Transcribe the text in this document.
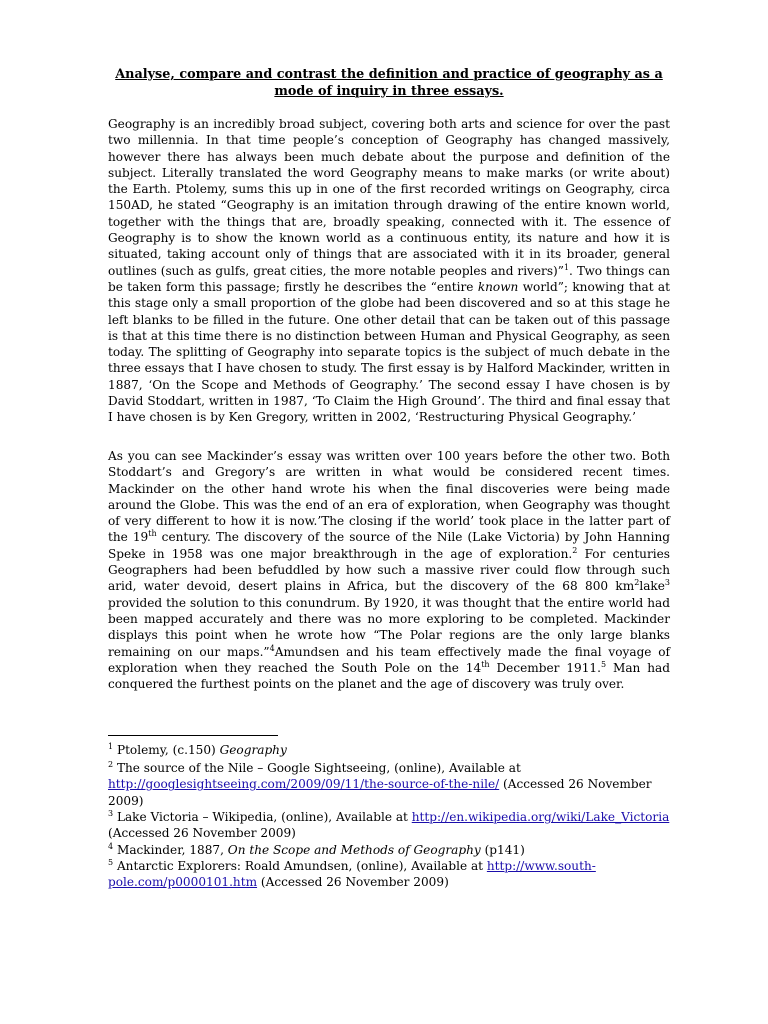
Analyse, compare and contrast the definition and practice of geography as a mode of inquiry in three essays.

Geography is an incredibly broad subject, covering both arts and science for over the past two millennia. In that time people’s conception of Geography has changed massively, however there has always been much debate about the purpose and definition of the subject. Literally translated the word Geography means to make marks (or write about) the Earth. Ptolemy, sums this up in one of the first recorded writings on Geography, circa 150AD, he stated “Geography is an imitation through drawing of the entire known world, together with the things that are, broadly speaking, connected with it. The essence of Geography is to show the known world as a continuous entity, its nature and how it is situated, taking account only of things that are associated with it in its broader, general outlines (such as gulfs, great cities, the more notable peoples and rivers)”$^1$. Two things can be taken form this passage; firstly he describes the “entire known world”; knowing that at this stage only a small proportion of the globe had been discovered and so at this stage he left blanks to be filled in the future. One other detail that can be taken out of this passage is that at this time there is no distinction between Human and Physical Geography, as seen today. The splitting of Geography into separate topics is the subject of much debate in the three essays that I have chosen to study. The first essay is by Halford Mackinder, written in 1887, ‘On the Scope and Methods of Geography.’ The second essay I have chosen is by David Stoddart, written in 1987, ‘To Claim the High Ground’. The third and final essay that I have chosen is by Ken Gregory, written in 2002, ‘Restructuring Physical Geography.’

As you can see Mackinder’s essay was written over 100 years before the other two. Both Stoddart’s and Gregory’s are written in what would be considered recent times. Mackinder on the other hand wrote his when the final discoveries were being made around the Globe. This was the end of an era of exploration, when Geography was thought of very different to how it is now.’The closing if the world’ took place in the latter part of the 19th century. The discovery of the source of the Nile (Lake Victoria) by John Hanning Speke in 1958 was one major breakthrough in the age of exploration.$^2$ For centuries Geographers had been befuddled by how such a massive river could flow through such arid, water devoid, desert plains in Africa, but the discovery of the 68 800 $km^2lake^3$ provided the solution to this conundrum. By 1920, it was thought that the entire world had been mapped accurately and there was no more exploring to be completed. Mackinder displays this point when he wrote how “The Polar regions are the only large blanks remaining on our maps.”$^4$Amundsen and his team effectively made the final voyage of exploration when they reached the South Pole on the 14th December 1911.$^5$ Man had conquered the furthest points on the planet and the age of discovery was truly over.

$^1$ Ptolemy, (c.150) Geography

$^2$ The source of the Nile – Google Sightseeing, (online), Available at http://googlesightseeing.com/2009/09/11/the-source-of-the-nile/ (Accessed 26 November 2009)

$^3$ Lake Victoria – Wikipedia, (online), Available at http://en.wikipedia.org/wiki/Lake_Victoria (Accessed 26 November 2009)

$^4$ Mackinder, 1887, On the Scope and Methods of Geography (p141)

$^5$ Antarctic Explorers: Roald Amundsen, (online), Available at http://www.south-pole.com/p0000101.htm (Accessed 26 November 2009)
